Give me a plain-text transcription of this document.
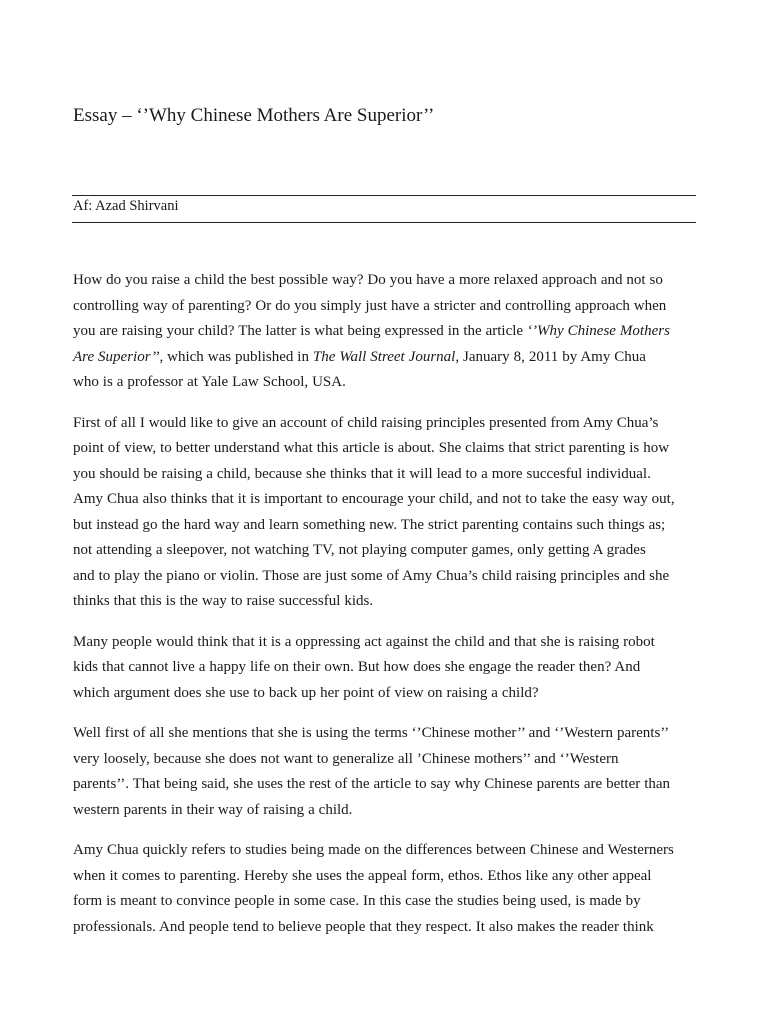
Essay – ‘’Why Chinese Mothers Are Superior’’
Af: Azad Shirvani

How do you raise a child the best possible way? Do you have a more relaxed approach and not so
controlling way of parenting? Or do you simply just have a stricter and controlling approach when
you are raising your child? The latter is what being expressed in the article ‘’Why Chinese Mothers
Are Superior’’, which was published in The Wall Street Journal, January 8, 2011 by Amy Chua
who is a professor at Yale Law School, USA.

First of all I would like to give an account of child raising principles presented from Amy Chua’s
point of view, to better understand what this article is about. She claims that strict parenting is how
you should be raising a child, because she thinks that it will lead to a more succesful individual.
Amy Chua also thinks that it is important to encourage your child, and not to take the easy way out,
but instead go the hard way and learn something new. The strict parenting contains such things as;
not attending a sleepover, not watching TV, not playing computer games, only getting A grades
and to play the piano or violin. Those are just some of Amy Chua’s child raising principles and she
thinks that this is the way to raise successful kids.

Many people would think that it is a oppressing act against the child and that she is raising robot
kids that cannot live a happy life on their own. But how does she engage the reader then? And
which argument does she use to back up her point of view on raising a child?

Well first of all she mentions that she is using the terms ‘’Chinese mother’’ and ‘’Western parents’’
very loosely, because she does not want to generalize all ’Chinese mothers’’ and ‘’Western
parents’’. That being said, she uses the rest of the article to say why Chinese parents are better than
western parents in their way of raising a child.

Amy Chua quickly refers to studies being made on the differences between Chinese and Westerners
when it comes to parenting. Hereby she uses the appeal form, ethos. Ethos like any other appeal
form is meant to convince people in some case. In this case the studies being used, is made by
professionals. And people tend to believe people that they respect. It also makes the reader think
